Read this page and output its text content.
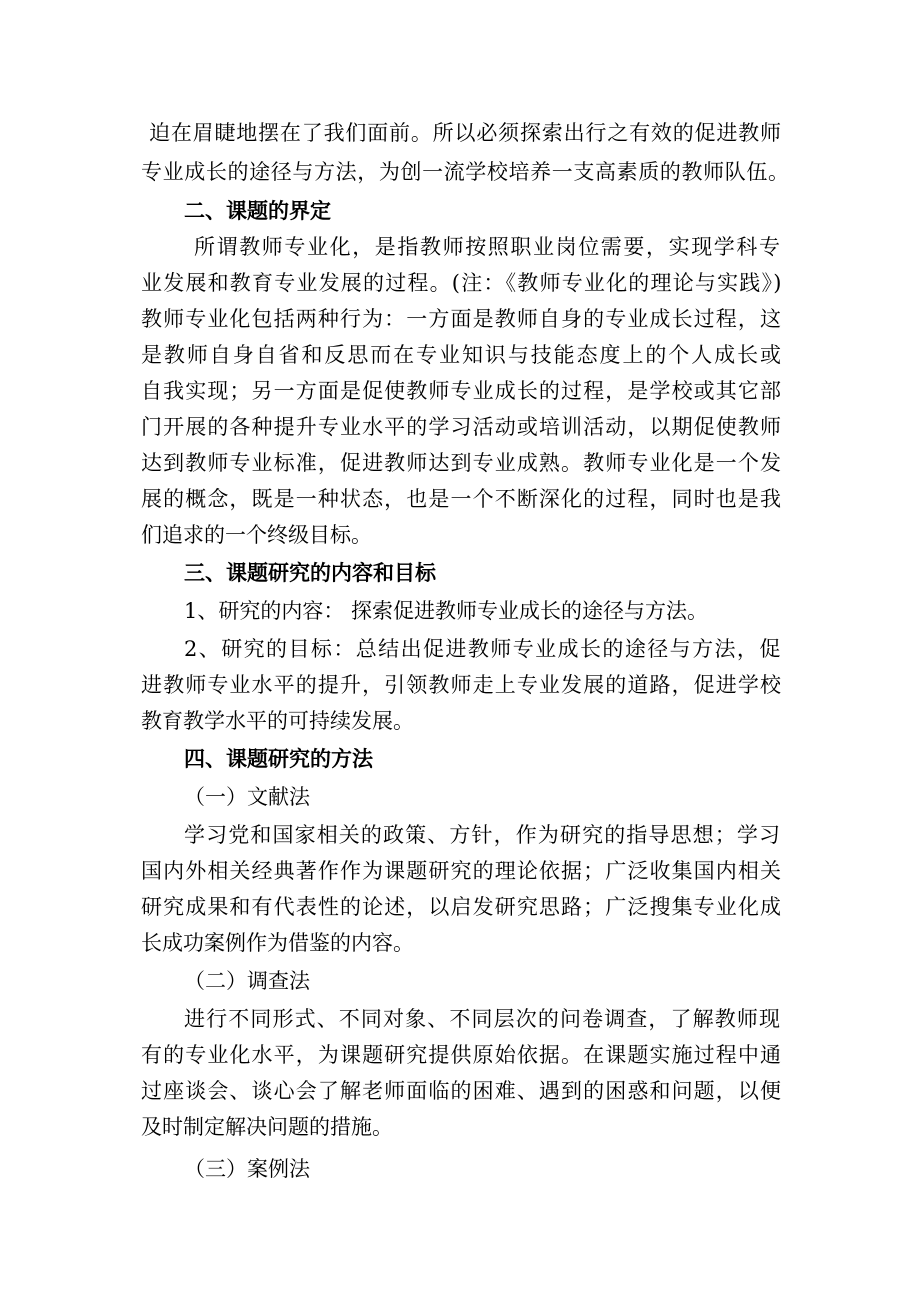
迫在眉睫地摆在了我们面前。所以必须探索出行之有效的促进教师
专业成长的途径与方法，为创一流学校培养一支高素质的教师队伍。
二、课题的界定
所谓教师专业化，是指教师按照职业岗位需要，实现学科专
业发展和教育专业发展的过程。(注：《教师专业化的理论与实践》)
教师专业化包括两种行为：一方面是教师自身的专业成长过程，这
是教师自身自省和反思而在专业知识与技能态度上的个人成长或
自我实现；另一方面是促使教师专业成长的过程，是学校或其它部
门开展的各种提升专业水平的学习活动或培训活动，以期促使教师
达到教师专业标准，促进教师达到专业成熟。教师专业化是一个发
展的概念，既是一种状态，也是一个不断深化的过程，同时也是我
们追求的一个终级目标。
三、课题研究的内容和目标
1、研究的内容： 探索促进教师专业成长的途径与方法。
2、研究的目标：总结出促进教师专业成长的途径与方法，促
进教师专业水平的提升，引领教师走上专业发展的道路，促进学校
教育教学水平的可持续发展。
四、课题研究的方法
（一）文献法
学习党和国家相关的政策、方针，作为研究的指导思想；学习
国内外相关经典著作作为课题研究的理论依据；广泛收集国内相关
研究成果和有代表性的论述，以启发研究思路；广泛搜集专业化成
长成功案例作为借鉴的内容。
（二）调查法
进行不同形式、不同对象、不同层次的问卷调查，了解教师现
有的专业化水平，为课题研究提供原始依据。在课题实施过程中通
过座谈会、谈心会了解老师面临的困难、遇到的困惑和问题，以便
及时制定解决问题的措施。
（三）案例法
